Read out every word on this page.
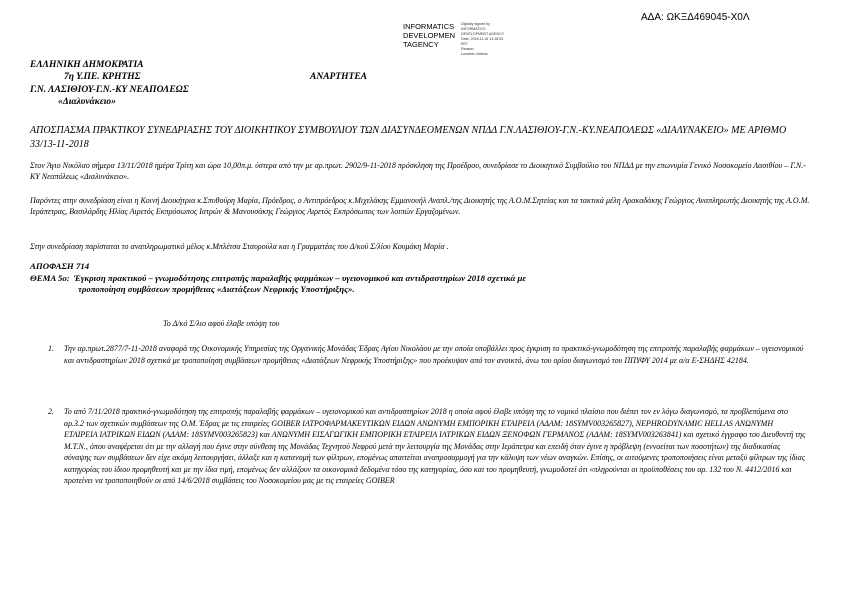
ΑΔΑ: ΩΚΞΔ469045-Χ0Λ
INFORMATICS
DEVELOPMEN
TAGENCY
Digitally signed by
INFORMATICS
DEVELOPMENT AGENCY
Date: 2018.11.16 13:18:53
EET
Reason:
Location: Athens
ΕΛΛΗΝΙΚΗ ΔΗΜΟΚΡΑΤΙΑ
7η Υ.ΠΕ. ΚΡΗΤΗΣ	ΑΝΑΡΤΗΤΕΑ
Γ.Ν. ΛΑΣΙΘΙΟΥ-Γ.Ν.-ΚΥ ΝΕΑΠΟΛΕΩΣ
«Διαλυνάκειο»
ΑΠΟΣΠΑΣΜΑ ΠΡΑΚΤΙΚΟΥ ΣΥΝΕΔΡΙΑΣΗΣ ΤΟΥ ΔΙΟΙΚΗΤΙΚΟΥ ΣΥΜΒΟΥΛΙΟΥ ΤΩΝ ΔΙΑΣΥΝΔΕΟΜΕΝΩΝ ΝΠΔΔ Γ.Ν.ΛΑΣΙΘΙΟΥ-Γ.Ν.-ΚΥ.ΝΕΑΠΟΛΕΩΣ «ΔΙΑΛΥΝΑΚΕΙΟ» ΜΕ ΑΡΙΘΜΟ 33/13-11-2018
Στον Άγιο Νικόλαο σήμερα 13/11/2018 ημέρα Τρίτη και ώρα 10,00π.μ. ύστερα από την με αρ.πρωτ. 2902/9-11-2018 πρόσκληση της Προέδρου, συνεδρίασε το Διοικητικό Συμβούλιο του ΝΠΔΔ με την επωνυμία Γενικό Νοσοκομείο Λασιθίου – Γ.Ν.-ΚΥ Νεαπόλεως «Διαλυνάκειο».
Παρόντες στην συνεδρίαση είναι η Κοινή Διοικήτρια κ.Σπυθούρη Μαρία, Πρόεδρος, ο Αντιπρόεδρος κ.Μιχελάκης Εμμανουήλ Αναπλ./της Διοικητής της Α.Ο.Μ.Σητείας και τα τακτικά μέλη Αρακαδάκης Γεώργιος Αναπληρωτής Διοικητής της Α.Ο.Μ. Ιεράπετρας, Βασιλάρδης Ηλίας Αιρετός Εκπρόσωπος Ιατρών & Μανουσάκης Γεώργιος Αιρετός Εκπρόσωπος των λοιπών Εργαζομένων.
Στην συνεδρίαση παρίσταται το αναπληρωματικό μέλος κ.Μπλέτσα Σταυρούλα και η Γραμματέας του Δ/κού Σ/λίου Κουμάκη Μαρία .
ΑΠΟΦΑΣΗ 714
ΘΕΜΑ 5ο: Έγκριση πρακτικού – γνωμοδότησης επιτροπής παραλαβής φαρμάκων – υγειονομικού και αντιδραστηρίων 2018 σχετικά με
τροποποίηση συμβάσεων προμήθειας «Διατάξεων Νεφρικής Υποστήριξης».
Το Δ/κό Σ/λιο αφού έλαβε υπόψη του
1. Την αρ.πρωτ.2877/7-11-2018 αναφορά της Οικονομικής Υπηρεσίας της Οργανικής Μονάδας Έδρας Αγίου Νικολάου με την οποία υποβάλλει προς έγκριση το πρακτικό-γνωμοδότηση της επιτροπής παραλαβής φαρμάκων – υγειονομικού και αντιδραστηρίων 2018 σχετικά με τροποποίηση συμβάσεων προμήθειας «Διατάξεων Νεφρικής Υποστήριξης» που προέκυψαν από τον ανοικτό, άνω του ορίου διαγωνισμό του ΠΠΥΦΥ 2014 με α/α Ε-ΣΗΔΗΣ 42184.
2. Το από 7/11/2018 πρακτικό-γνωμοδότηση της επιτροπής παραλαβής φαρμάκων – υγειονομικού και αντιδραστηρίων 2018 η οποία αφού έλαβε υπόψη της το νομικό πλαίσιο που διέπει τον εν λόγω διαγωνισμό, τα προβλεπόμενα στο αρ.3.2 των σχετικών συμβάσεων της Ο.Μ. Έδρας με τις εταιρείες GOIBER ΙΑΤΡΟΦΑΡΜΑΚΕΥΤΙΚΩΝ ΕΙΔΩΝ ΑΝΩΝΥΜΗ ΕΜΠΟΡΙΚΗ ΕΤΑΙΡΕΙΑ (ΑΔΑΜ: 18SYMV003265827), NEPHRODYNAMIC HELLAS ΑΝΩΝΥΜΗ ΕΤΑΙΡΕΙΑ ΙΑΤΡΙΚΩΝ ΕΙΔΩΝ (ΑΔΑΜ: 18SYMV003265823) και ΑΝΩΝΥΜΗ ΕΙΣΑΓΩΓΙΚΗ ΕΜΠΟΡΙΚΗ ΕΤΑΙΡΕΙΑ ΙΑΤΡΙΚΩΝ ΕΙΔΩΝ ΞΕΝΟΦΩΝ ΓΕΡΜΑΝΟΣ (ΑΔΑΜ: 18SYMV003263841) και σχετικό έγγραφο του Διευθυντή της Μ.Τ.Ν., όπου αναφέρεται ότι με την αλλαγή που έγινε στην σύνθεση της Μονάδας Τεχνητού Νεφρού μετά την λειτουργία της Μονάδας στην Ιεράπετρα και επειδή όταν έγινε η πρόβλεψη (εννοείται των ποσοτήτων) της διαδικασίας σύναψης των συμβάσεων δεν είχε ακόμη λειτουργήσει, άλλαξε και η κατανομή των φίλτρων, επομένως απαιτείται αναπροσαρμογή για την κάλυψη των νέων αναγκών. Επίσης, οι αιτούμενες τροποποιήσεις είναι μεταξύ φίλτρων της ίδιας κατηγορίας του ίδιου προμηθευτή και με την ίδια τιμή, επομένως δεν αλλάζουν τα οικονομικά δεδομένα τόσο της κατηγορίας, όσο και του προμηθευτή, γνωμοδοτεί ότι «πληρούνται οι προϋποθέσεις του αρ. 132 του Ν. 4412/2016 και προτείνει να τροποποιηθούν οι από 14/6/2018 συμβάσεις του Νοσοκομείου μας με τις εταιρείες GOIBER
